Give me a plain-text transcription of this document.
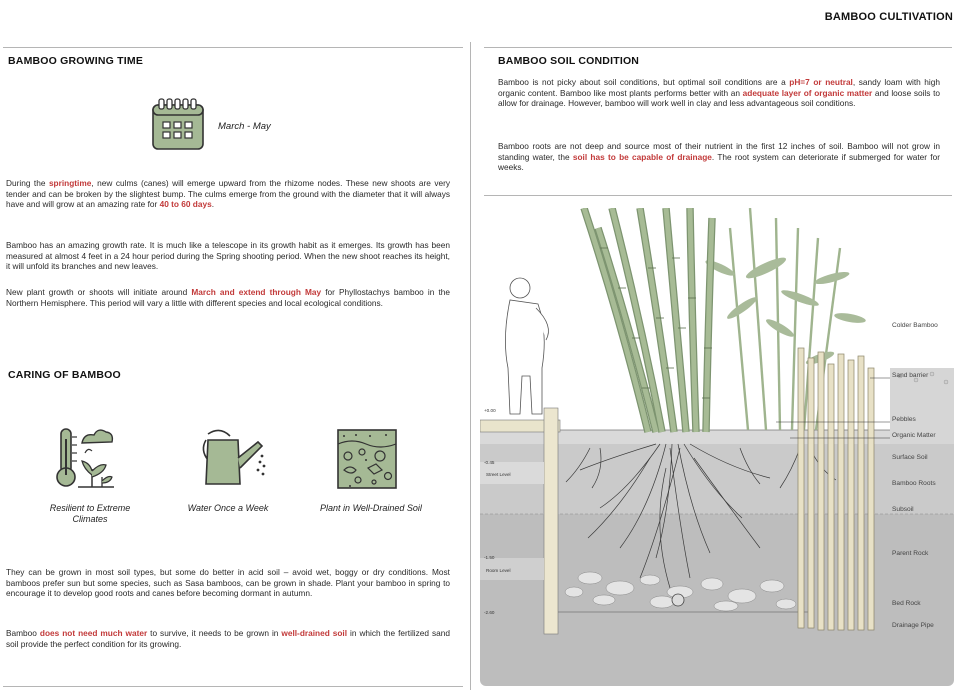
BAMBOO CULTIVATION
BAMBOO GROWING TIME
March - May
During the springtime, new culms (canes) will emerge upward from the rhizome nodes. These new shoots are very tender and can be broken by the slightest bump. The culms emerge from the ground with the diameter that it will always have and will grow at an amazing rate for 40 to 60 days.
Bamboo has an amazing growth rate. It is much like a telescope in its growth habit as it emerges. Its growth has been measured at almost 4 feet in a 24 hour period during the Spring shooting period. When the new shoot reaches its height, it will unfold its branches and new leaves.
New plant growth or shoots will initiate around March and extend through May for Phyllostachys bamboo in the Northern Hemisphere. This period will vary a little with different species and local ecological conditions.
CARING OF BAMBOO
Resilient to Extreme
Climates
Water Once a Week	Plant in Well-Drained Soil
They can be grown in most soil types, but some do better in acid soil – avoid wet, boggy or dry conditions. Most bamboos prefer sun but some species, such as Sasa bamboos, can be grown in shade. Plant your bamboo in spring to encourage it to develop good roots and canes before becoming dormant in autumn.
Bamboo does not need much water to survive, it needs to be grown in well-drained soil in which the fertilized sand soil provide the perfect condition for its growing.
BAMBOO SOIL CONDITION
Bamboo is not picky about soil conditions, but optimal soil conditions are a pH=7 or neutral, sandy loam with high organic content. Bamboo like most plants performs better with an adequate layer of organic matter and loose soils to allow for drainage. However, bamboo will work well in clay and less advantageous soil conditions.
Bamboo roots are not deep and source most of their nutrient in the first 12 inches of soil. Bamboo will not grow in standing water, the soil has to be capable of drainage. The root system can deteriorate if submerged for water for weeks.
Colder Bamboo
Sand barrier
Pebbles
Organic Matter
Surface Soil
Bamboo Roots
Subsoil
Parent Rock
Bed Rock
Drainage Pipe
+0.00
-0.45
Street Level
-1.50
Room Level
-2.60
